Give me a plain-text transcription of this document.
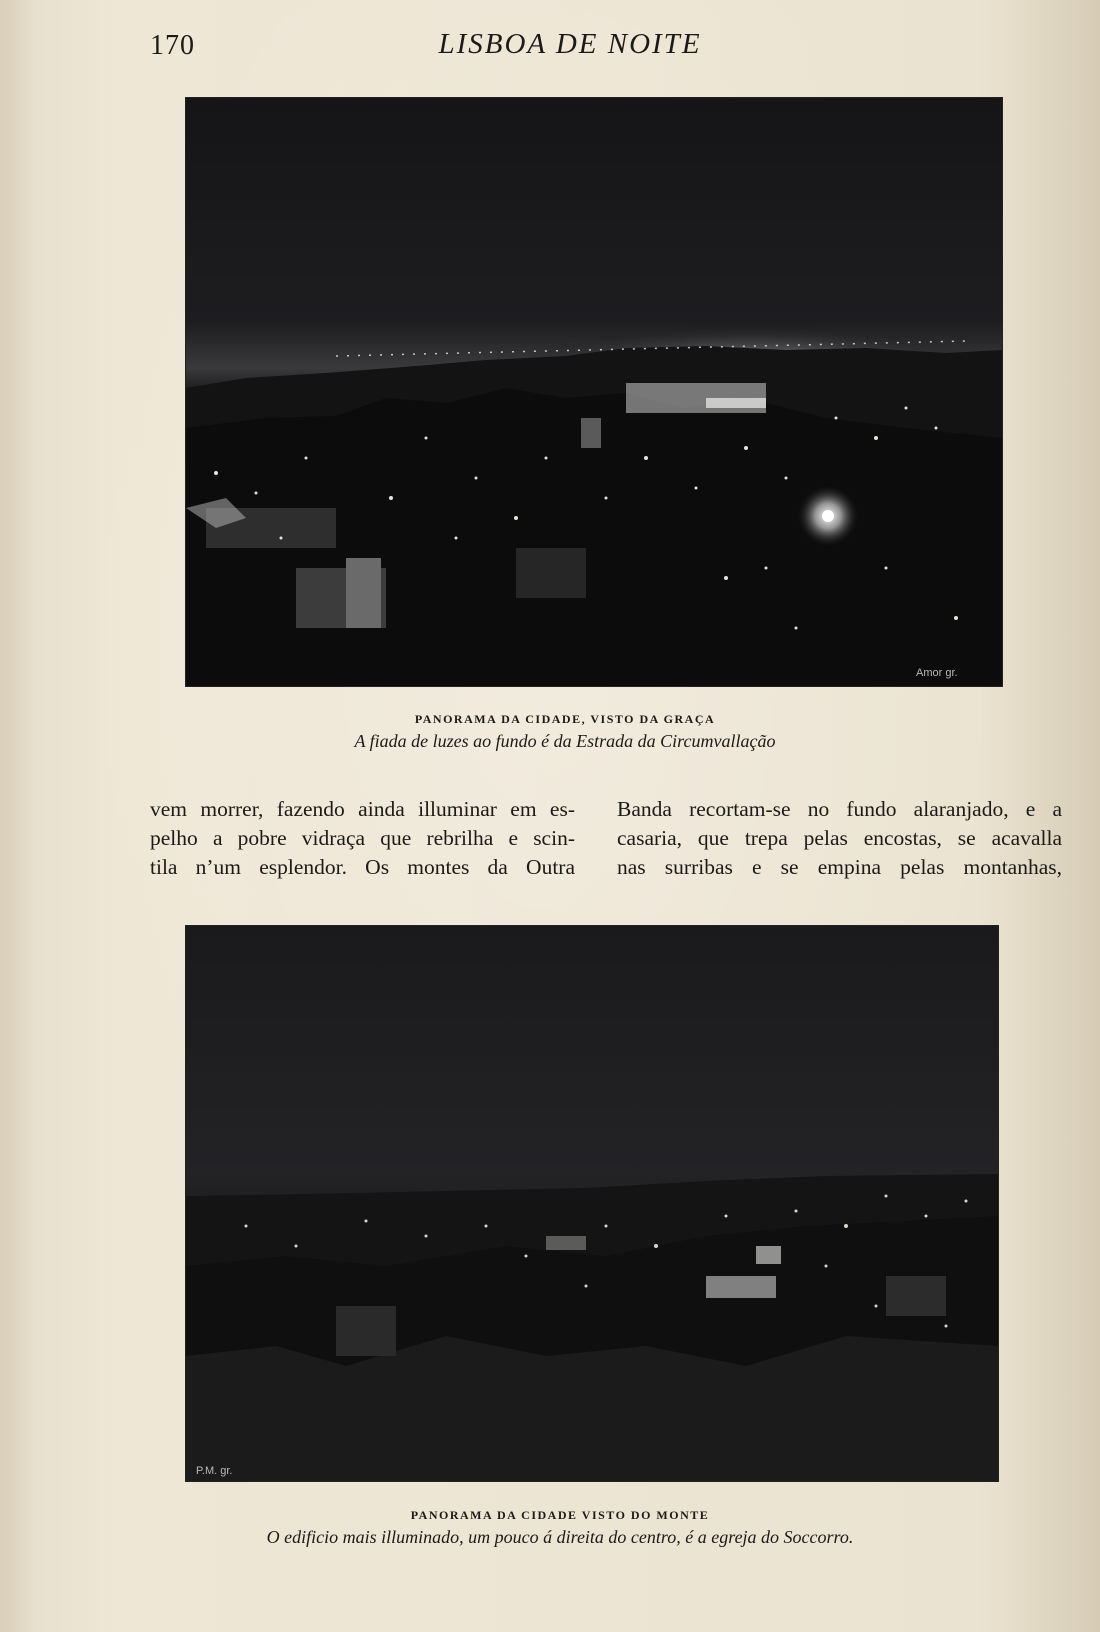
170	LISBOA DE NOITE
Amor gr.
PANORAMA DA CIDADE, VISTO DA GRAÇA
A fiada de luzes ao fundo é da Estrada da Circumvallação
vem morrer, fazendo ainda illuminar em es-
pelho a pobre vidraça que rebrilha e scin-
tila n’um esplendor. Os montes da Outra
Banda recortam-se no fundo alaranjado, e a
casaria, que trepa pelas encostas, se acavalla
nas surribas e se empina pelas montanhas,
P.M. gr.
PANORAMA DA CIDADE VISTO DO MONTE
O edificio mais illuminado, um pouco á direita do centro, é a egreja do Soccorro.
